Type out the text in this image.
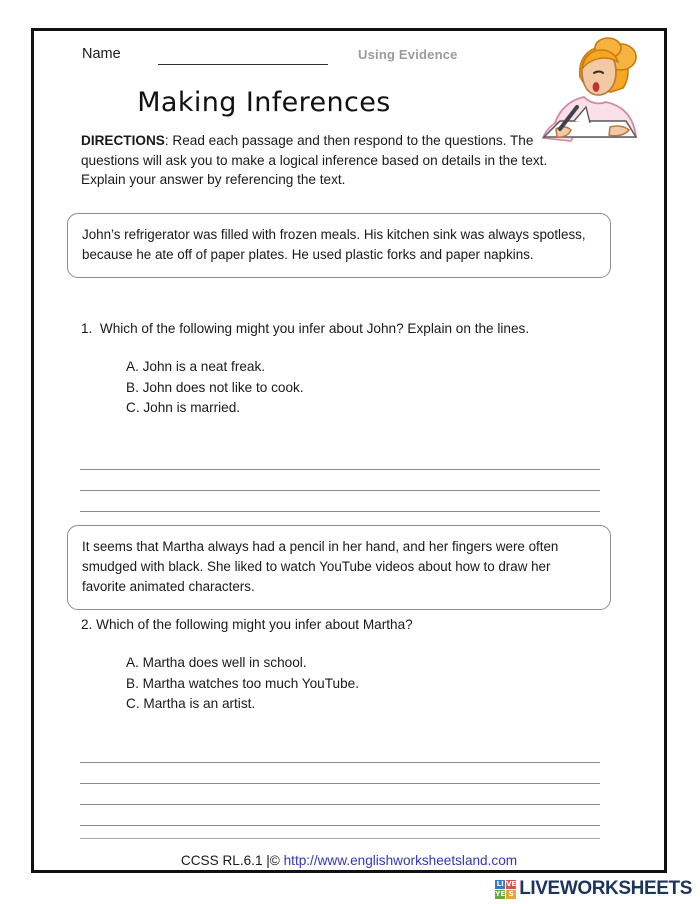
Name	Using Evidence
Making Inferences
DIRECTIONS: Read each passage and then respond to the questions. The questions will ask you to make a logical inference based on details in the text. Explain your answer by referencing the text.
John’s refrigerator was filled with frozen meals. His kitchen sink was always spotless, because he ate off of paper plates. He used plastic forks and paper napkins.
1.  Which of the following might you infer about John? Explain on the lines.
A. John is a neat freak.
B. John does not like to cook.
C. John is married.
It seems that Martha always had a pencil in her hand, and her fingers were often smudged with black. She liked to watch YouTube videos about how to draw her favorite animated characters.
2. Which of the following might you infer about Martha?
A. Martha does well in school.
B. Martha watches too much YouTube.
C. Martha is an artist.
CCSS RL.6.1 |© http://www.englishworksheetsland.com
LI VE
YE S LIVEWORKSHEETS
